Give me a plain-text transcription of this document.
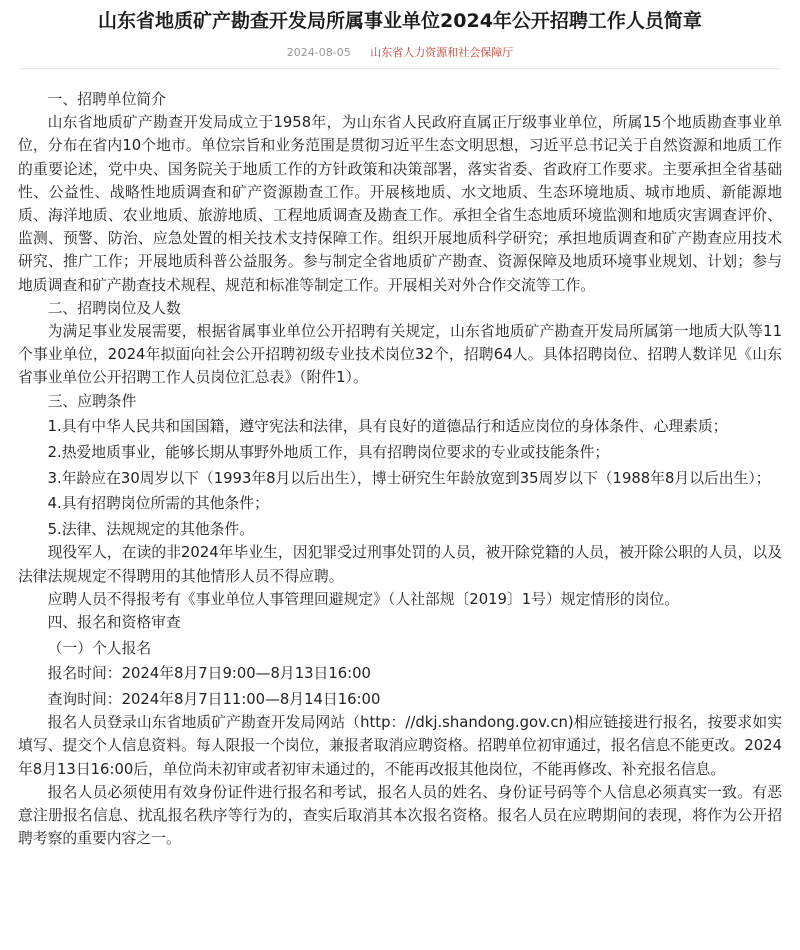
山东省地质矿产勘查开发局所属事业单位2024年公开招聘工作人员简章
2024-08-05 山东省人力资源和社会保障厅

一、招聘单位简介

山东省地质矿产勘查开发局成立于1958年，为山东省人民政府直属正厅级事业单位，所属15个地质勘查事业单位，分布在省内10个地市。单位宗旨和业务范围是贯彻习近平生态文明思想，习近平总书记关于自然资源和地质工作的重要论述，党中央、国务院关于地质工作的方针政策和决策部署，落实省委、省政府工作要求。主要承担全省基础性、公益性、战略性地质调查和矿产资源勘查工作。开展核地质、水文地质、生态环境地质、城市地质、新能源地质、海洋地质、农业地质、旅游地质、工程地质调查及勘查工作。承担全省生态地质环境监测和地质灾害调查评价、监测、预警、防治、应急处置的相关技术支持保障工作。组织开展地质科学研究；承担地质调查和矿产勘查应用技术研究、推广工作；开展地质科普公益服务。参与制定全省地质矿产勘查、资源保障及地质环境事业规划、计划；参与地质调查和矿产勘查技术规程、规范和标准等制定工作。开展相关对外合作交流等工作。

二、招聘岗位及人数

为满足事业发展需要，根据省属事业单位公开招聘有关规定，山东省地质矿产勘查开发局所属第一地质大队等11个事业单位，2024年拟面向社会公开招聘初级专业技术岗位32个，招聘64人。具体招聘岗位、招聘人数详见《山东省事业单位公开招聘工作人员岗位汇总表》（附件1）。

三、应聘条件

1.具有中华人民共和国国籍，遵守宪法和法律，具有良好的道德品行和适应岗位的身体条件、心理素质；

2.热爱地质事业，能够长期从事野外地质工作，具有招聘岗位要求的专业或技能条件；

3.年龄应在30周岁以下（1993年8月以后出生），博士研究生年龄放宽到35周岁以下（1988年8月以后出生）；

4.具有招聘岗位所需的其他条件；

5.法律、法规规定的其他条件。

现役军人，在读的非2024年毕业生，因犯罪受过刑事处罚的人员，被开除党籍的人员，被开除公职的人员，以及法律法规规定不得聘用的其他情形人员不得应聘。

应聘人员不得报考有《事业单位人事管理回避规定》（人社部规〔2019〕1号）规定情形的岗位。

四、报名和资格审查

（一）个人报名

报名时间：2024年8月7日9:00—8月13日16:00

查询时间：2024年8月7日11:00—8月14日16:00

报名人员登录山东省地质矿产勘查开发局网站（http：//dkj.shandong.gov.cn)相应链接进行报名，按要求如实填写、提交个人信息资料。每人限报一个岗位，兼报者取消应聘资格。招聘单位初审通过，报名信息不能更改。2024年8月13日16:00后，单位尚未初审或者初审未通过的，不能再改报其他岗位，不能再修改、补充报名信息。

报名人员必须使用有效身份证件进行报名和考试，报名人员的姓名、身份证号码等个人信息必须真实一致。有恶意注册报名信息、扰乱报名秩序等行为的，查实后取消其本次报名资格。报名人员在应聘期间的表现，将作为公开招聘考察的重要内容之一。
